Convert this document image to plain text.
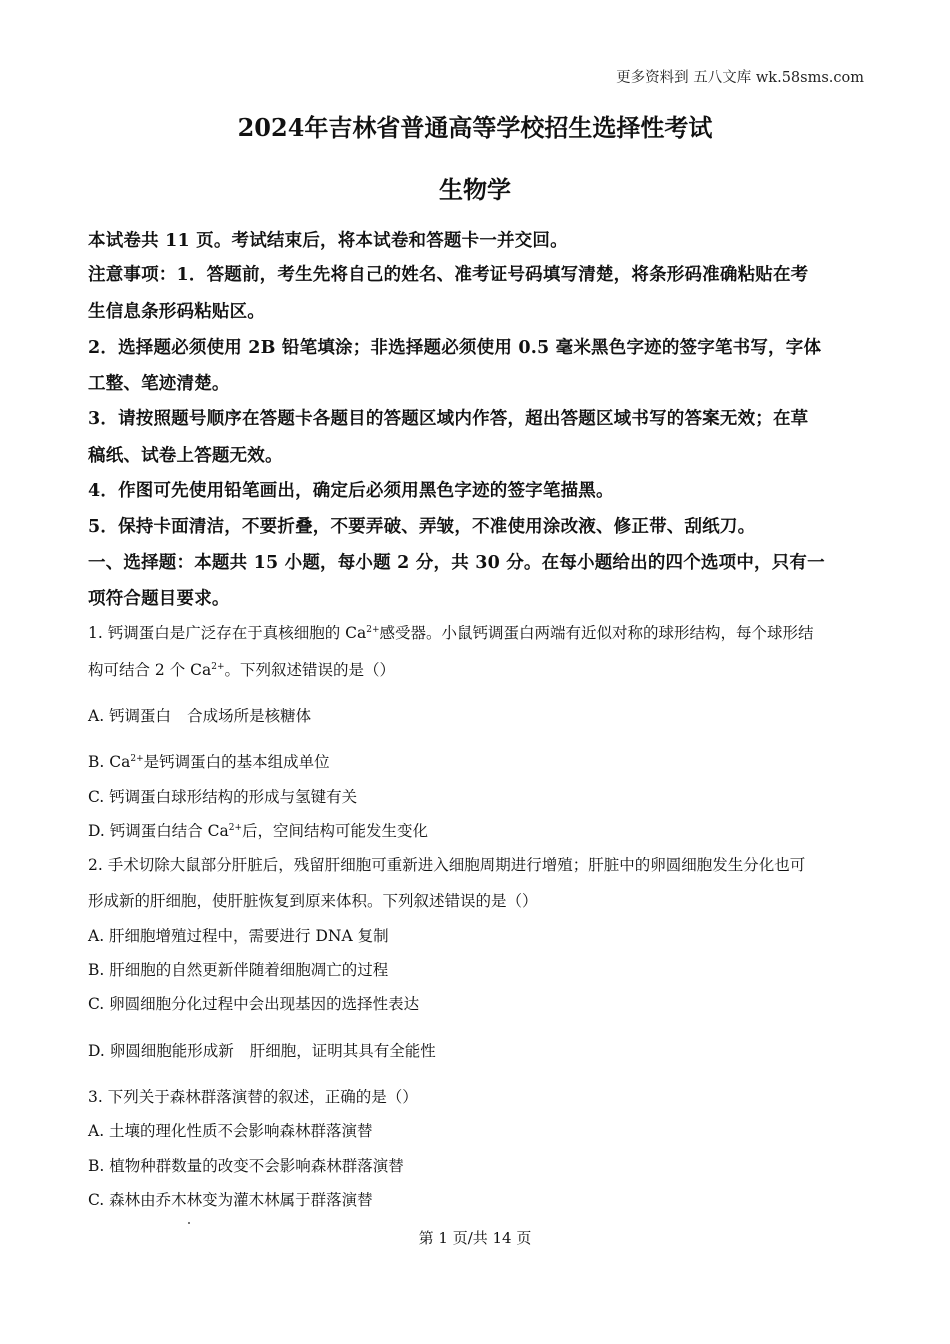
更多资料到 五八文库 wk.58sms.com
2024年吉林省普通高等学校招生选择性考试
生物学
本试卷共 11 页。考试结束后，将本试卷和答题卡一并交回。
注意事项：1．答题前，考生先将自己的姓名、准考证号码填写清楚，将条形码准确粘贴在考
生信息条形码粘贴区。
2．选择题必须使用 2B 铅笔填涂；非选择题必须使用 0.5 毫米黑色字迹的签字笔书写，字体
工整、笔迹清楚。
3．请按照题号顺序在答题卡各题目的答题区域内作答，超出答题区域书写的答案无效；在草
稿纸、试卷上答题无效。
4．作图可先使用铅笔画出，确定后必须用黑色字迹的签字笔描黑。
5．保持卡面清洁，不要折叠，不要弄破、弄皱，不准使用涂改液、修正带、刮纸刀。
一、选择题：本题共 15 小题，每小题 2 分，共 30 分。在每小题给出的四个选项中，只有一
项符合题目要求。
1. 钙调蛋白是广泛存在于真核细胞的 $Ca^{2+}$感受器。小鼠钙调蛋白两端有近似对称的球形结构，每个球形结
构可结合 2 个 $Ca^{2+}$。下列叙述错误的是（）
A. 钙调蛋白 合成场所是核糖体
B. $Ca^{2+}$是钙调蛋白的基本组成单位
C. 钙调蛋白球形结构的形成与氢键有关
D. 钙调蛋白结合 $Ca^{2+}$后，空间结构可能发生变化
2. 手术切除大鼠部分肝脏后，残留肝细胞可重新进入细胞周期进行增殖；肝脏中的卵圆细胞发生分化也可
形成新的肝细胞，使肝脏恢复到原来体积。下列叙述错误的是（）
A. 肝细胞增殖过程中，需要进行 DNA 复制
B. 肝细胞的自然更新伴随着细胞凋亡的过程
C. 卵圆细胞分化过程中会出现基因的选择性表达
D. 卵圆细胞能形成新 肝细胞，证明其具有全能性
3. 下列关于森林群落演替的叙述，正确的是（）
A. 土壤的理化性质不会影响森林群落演替
B. 植物种群数量的改变不会影响森林群落演替
C. 森林由乔木林变为灌木林属于群落演替
第 1 页/共 14 页
